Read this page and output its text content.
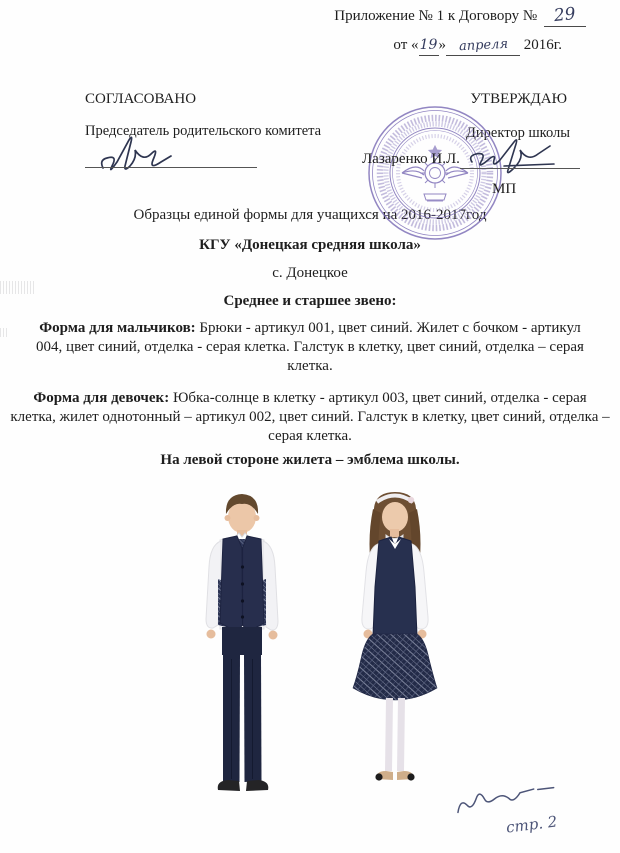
Приложение № 1 к Договору № 29
от «19» апреля 2016г.
СОГЛАСОВАНО	УТВЕРЖДАЮ
Председатель родительского комитета	Директор школы
Лазаренко И.Л.
МП
Образцы единой формы для учащихся на 2016-2017год
КГУ «Донецкая средняя школа»
с. Донецкое
Среднее и старшее звено:
Форма для мальчиков: Брюки - артикул 001, цвет синий. Жилет с бочком - артикул 004, цвет синий, отделка - серая клетка. Галстук в клетку, цвет синий, отделка – серая клетка.
Форма для девочек: Юбка-солнце в клетку - артикул 003, цвет синий, отделка - серая клетка, жилет однотонный – артикул 002, цвет синий. Галстук в клетку, цвет синий, отделка – серая клетка.
На левой стороне жилета – эмблема школы.
стр. 2
